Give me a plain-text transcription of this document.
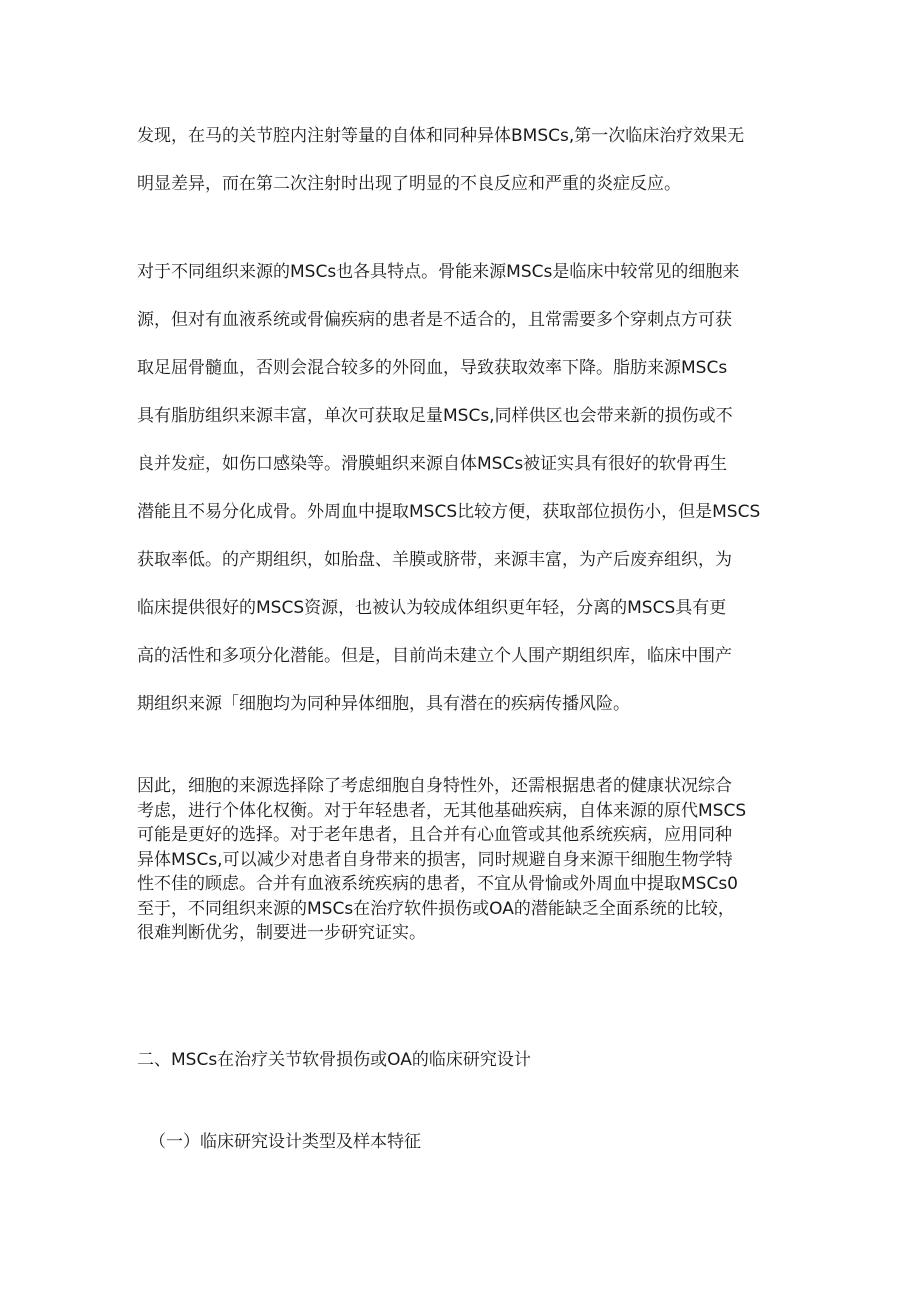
发现，在马的关节腔内注射等量的自体和同种异体BMSCs,第一次临床治疗效果无
明显差异，而在第二次注射时出现了明显的不良反应和严重的炎症反应。

对于不同组织来源的MSCs也各具特点。骨能来源MSCs是临床中较常见的细胞来
源，但对有血液系统或骨偏疾病的患者是不适合的，且常需要多个穿刺点方可获
取足屈骨髓血，否则会混合较多的外冏血，导致获取效率下降。脂肪来源MSCs
具有脂肪组织来源丰富，单次可获取足量MSCs,同样供区也会带来新的损伤或不
良并发症，如伤口感染等。滑膜蛆织来源自体MSCs被证实具有很好的软骨再生
潜能且不易分化成骨。外周血中提取MSCS比较方便，获取部位损伤小，但是MSCS
获取率低。的产期组织，如胎盘、羊膜或脐带，来源丰富，为产后废弃组织，为
临床提供很好的MSCS资源，也被认为较成体组织更年轻，分离的MSCS具有更
高的活性和多项分化潜能。但是，目前尚未建立个人围产期组织库，临床中围产
期组织来源「细胞均为同种异体细胞，具有潜在的疾病传播风险。

因此，细胞的来源选择除了考虑细胞自身特性外，还需根据患者的健康状况综合
考虑，进行个体化权衡。对于年轻患者，无其他基础疾病，自体来源的原代MSCS
可能是更好的选择。对于老年患者，且合并有心血管或其他系统疾病，应用同种
异体MSCs,可以减少对患者自身带来的损害，同时规避自身来源干细胞生物学特
性不佳的顾虑。合并有血液系统疾病的患者，不宜从骨愉或外周血中提取MSCs0
至于，不同组织来源的MSCs在治疗软件损伤或OA的潜能缺乏全面系统的比较，
很难判断优劣，制要进一步研究证实。

二、MSCs在治疗关节软骨损伤或OA的临床研究设计
（一）临床研究设计类型及样本特征
